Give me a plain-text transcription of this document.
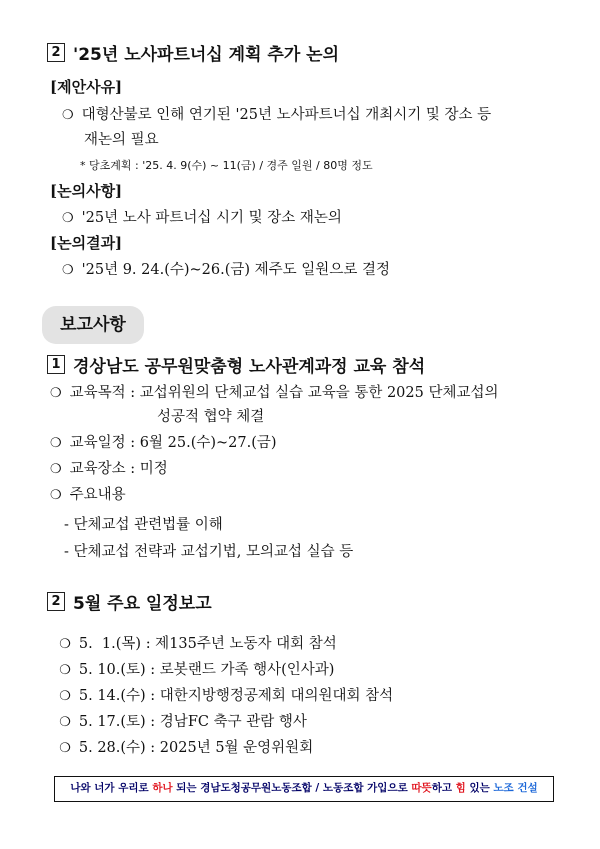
2 '25년 노사파트너십 계획 추가 논의
[제안사유]
❍ 대형산불로 인해 연기된 '25년 노사파트너십 개최시기 및 장소 등
재논의 필요
* 당초계획 : '25. 4. 9(수) ~ 11(금) / 경주 일원 / 80명 정도
[논의사항]
❍ '25년 노사 파트너십 시기 및 장소 재논의
[논의결과]
❍ '25년 9. 24.(수)~26.(금) 제주도 일원으로 결정
보고사항
1 경상남도 공무원맞춤형 노사관계과정 교육 참석
❍ 교육목적 : 교섭위원의 단체교섭 실습 교육을 통한 2025 단체교섭의
성공적 협약 체결
❍ 교육일정 : 6월 25.(수)~27.(금)
❍ 교육장소 : 미정
❍ 주요내용
- 단체교섭 관련법률 이해
- 단체교섭 전략과 교섭기법, 모의교섭 실습 등
2 5월 주요 일정보고

❍ 5.  1.(목) : 제135주년 노동자 대회 참석

❍ 5. 10.(토) : 로봇랜드 가족 행사(인사과)

❍ 5. 14.(수) : 대한지방행정공제회 대의원대회 참석

❍ 5. 17.(토) : 경남FC 축구 관람 행사

❍ 5. 28.(수) : 2025년 5월 운영위원회

나와 너가 우리로 하나 되는 경남도청공무원노동조합 / 노동조합 가입으로 따뜻하고 힘 있는 노조 건설
